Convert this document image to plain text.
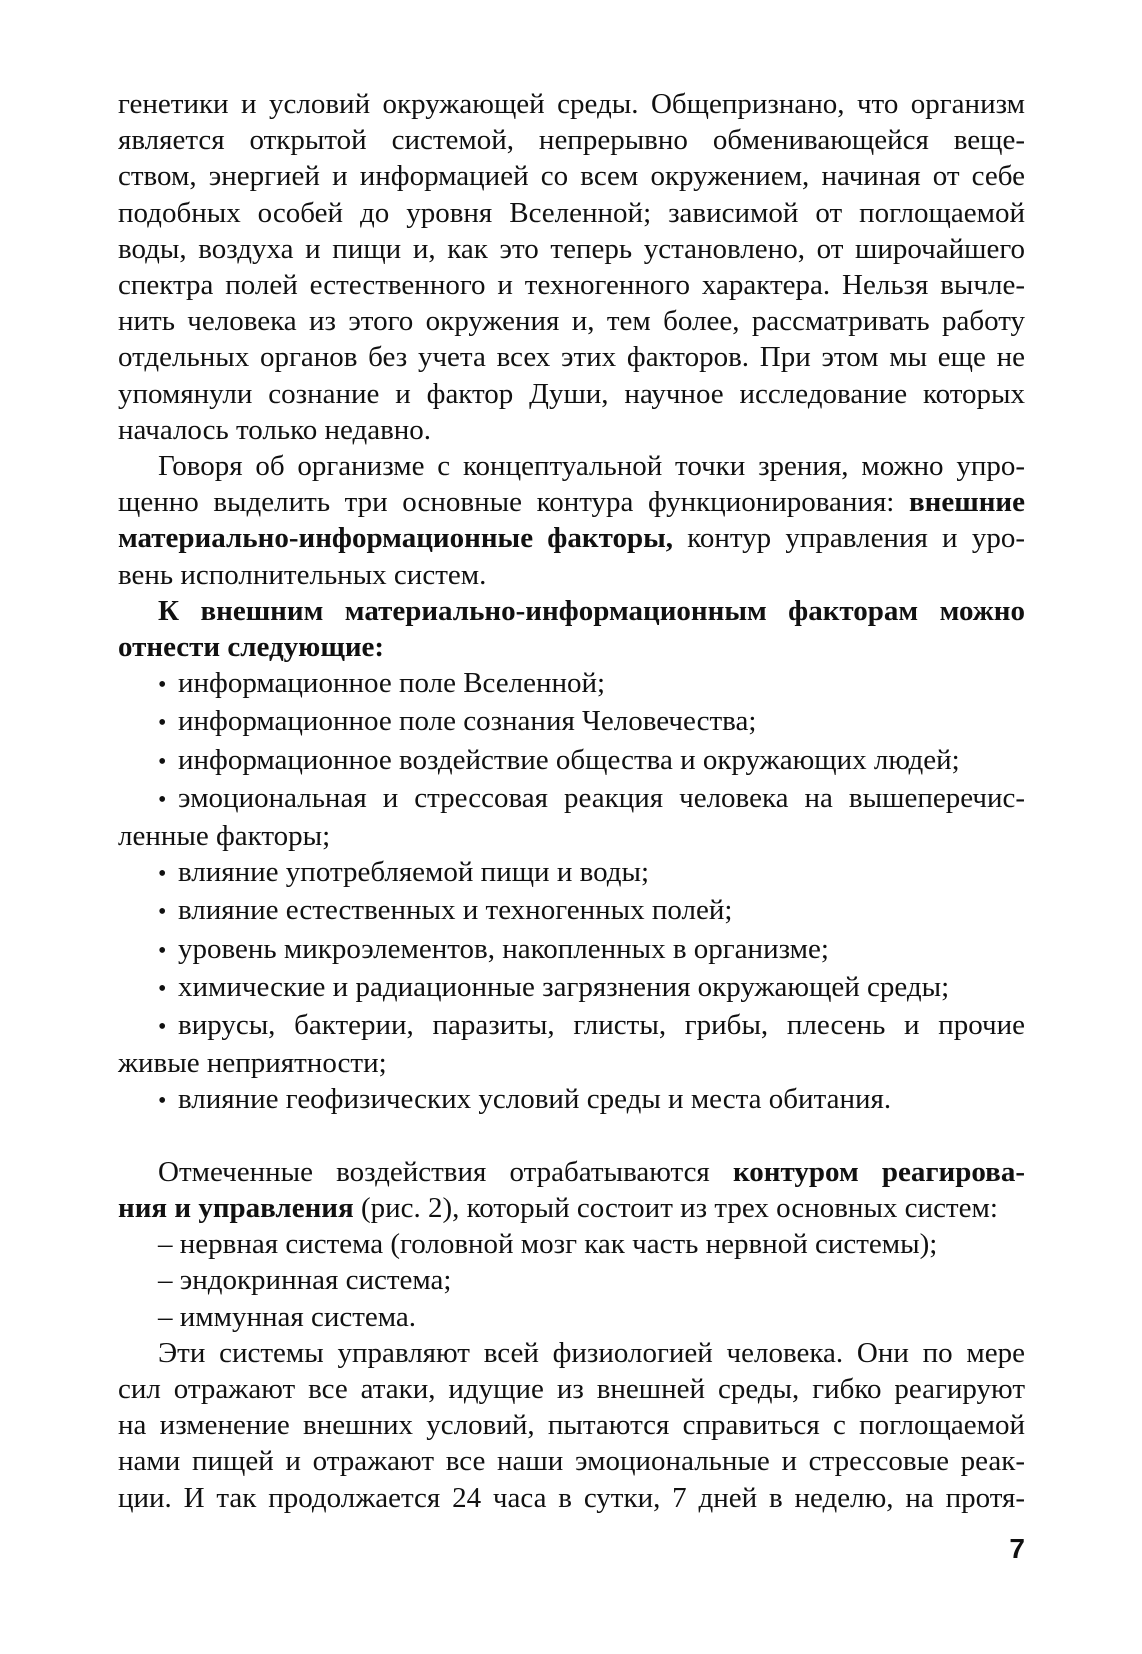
генетики и условий окружающей среды. Общепризнано, что организм
является открытой системой, непрерывно обменивающейся веще-
ством, энергией и информацией со всем окружением, начиная от себе
подобных особей до уровня Вселенной; зависимой от поглощаемой
воды, воздуха и пищи и, как это теперь установлено, от широчайшего
спектра полей естественного и техногенного характера. Нельзя вычле-
нить человека из этого окружения и, тем более, рассматривать работу
отдельных органов без учета всех этих факторов. При этом мы еще не
упомянули сознание и фактор Души, научное исследование которых
началось только недавно.

Говоря об организме с концептуальной точки зрения, можно упро-
щенно выделить три основные контура функционирования: внешние
материально-информационные факторы, контур управления и уро-
вень исполнительных систем.

К внешним материально-информационным факторам можно
отнести следующие:

• информационное поле Вселенной;

• информационное поле сознания Человечества;

• информационное воздействие общества и окружающих людей;

• эмоциональная и стрессовая реакция человека на вышеперечис-
ленные факторы;

• влияние употребляемой пищи и воды;

• влияние естественных и техногенных полей;

• уровень микроэлементов, накопленных в организме;

• химические и радиационные загрязнения окружающей среды;

• вирусы, бактерии, паразиты, глисты, грибы, плесень и прочие
живые неприятности;

• влияние геофизических условий среды и места обитания.

Отмеченные воздействия отрабатываются контуром реагирова-
ния и управления (рис. 2), который состоит из трех основных систем:

– нервная система (головной мозг как часть нервной системы);
– эндокринная система;
– иммунная система.

Эти системы управляют всей физиологией человека. Они по мере
сил отражают все атаки, идущие из внешней среды, гибко реагируют
на изменение внешних условий, пытаются справиться с поглощаемой
нами пищей и отражают все наши эмоциональные и стрессовые реак-
ции. И так продолжается 24 часа в сутки, 7 дней в неделю, на протя-

7
